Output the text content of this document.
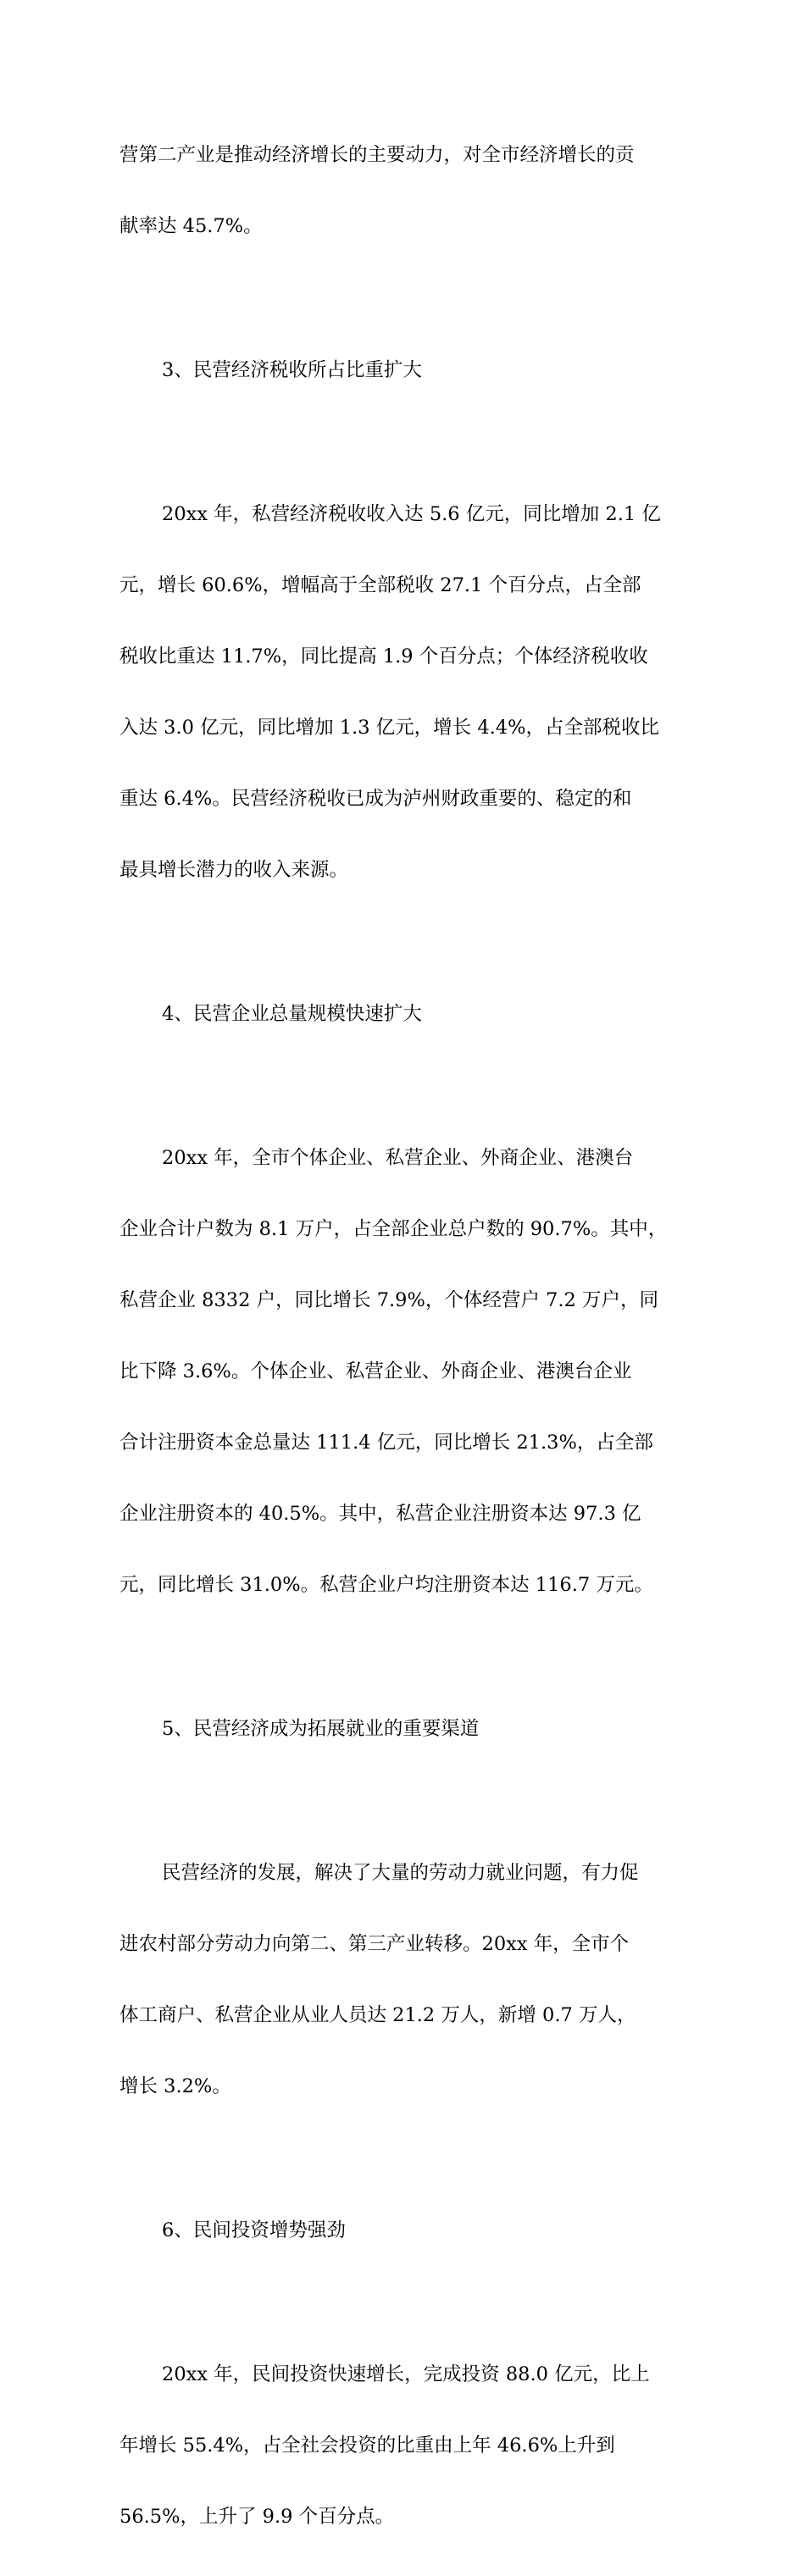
营第二产业是推动经济增长的主要动力，对全市经济增长的贡

献率达 45.7%。

3、民营经济税收所占比重扩大

20xx 年，私营经济税收收入达 5.6 亿元，同比增加 2.1 亿

元，增长 60.6%，增幅高于全部税收 27.1 个百分点，占全部

税收比重达 11.7%，同比提高 1.9 个百分点；个体经济税收收

入达 3.0 亿元，同比增加 1.3 亿元，增长 4.4%，占全部税收比

重达 6.4%。民营经济税收已成为泸州财政重要的、稳定的和

最具增长潜力的收入来源。

4、民营企业总量规模快速扩大

20xx 年，全市个体企业、私营企业、外商企业、港澳台

企业合计户数为 8.1 万户，占全部企业总户数的 90.7%。其中，

私营企业 8332 户，同比增长 7.9%，个体经营户 7.2 万户，同

比下降 3.6%。个体企业、私营企业、外商企业、港澳台企业

合计注册资本金总量达 111.4 亿元，同比增长 21.3%，占全部

企业注册资本的 40.5%。其中，私营企业注册资本达 97.3 亿

元，同比增长 31.0%。私营企业户均注册资本达 116.7 万元。

5、民营经济成为拓展就业的重要渠道

民营经济的发展，解决了大量的劳动力就业问题，有力促

进农村部分劳动力向第二、第三产业转移。20xx 年，全市个

体工商户、私营企业从业人员达 21.2 万人，新增 0.7 万人，

增长 3.2%。

6、民间投资增势强劲

20xx 年，民间投资快速增长，完成投资 88.0 亿元，比上

年增长 55.4%，占全社会投资的比重由上年 46.6%上升到

56.5%，上升了 9.9 个百分点。
